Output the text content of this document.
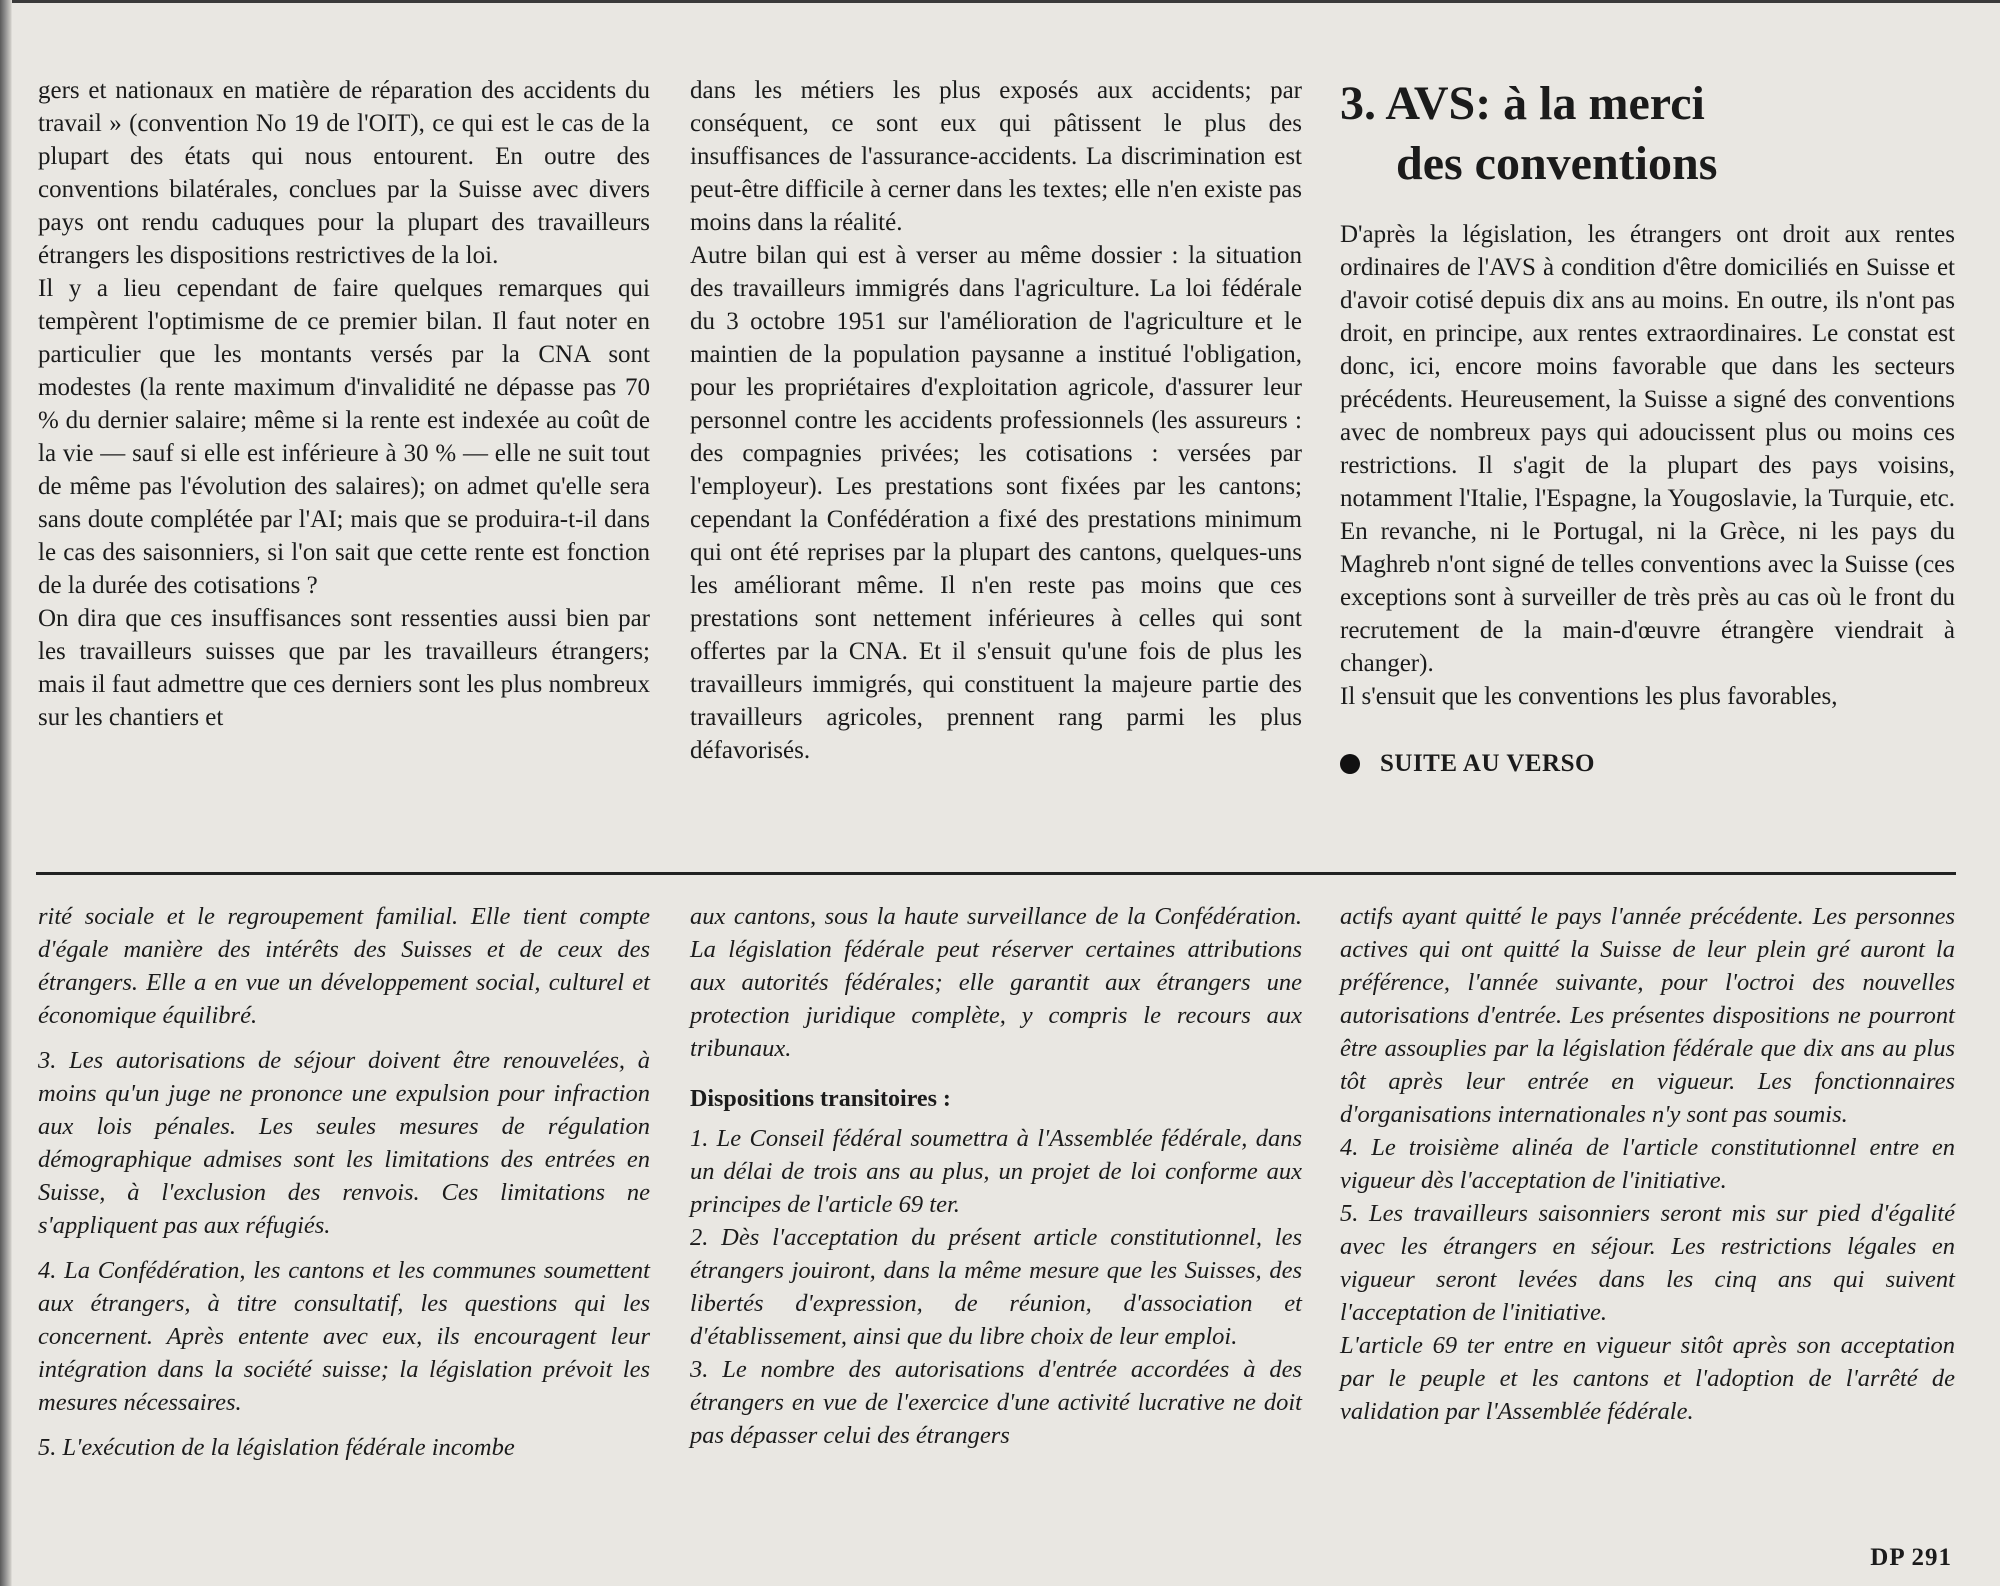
gers et nationaux en matière de réparation des accidents du travail » (convention No 19 de l'OIT), ce qui est le cas de la plupart des états qui nous entourent. En outre des conventions bilatérales, conclues par la Suisse avec divers pays ont rendu caduques pour la plupart des travailleurs étrangers les dispositions restrictives de la loi.

Il y a lieu cependant de faire quelques remarques qui tempèrent l'optimisme de ce premier bilan. Il faut noter en particulier que les montants versés par la CNA sont modestes (la rente maximum d'invalidité ne dépasse pas 70 % du dernier salaire; même si la rente est indexée au coût de la vie — sauf si elle est inférieure à 30 % — elle ne suit tout de même pas l'évolution des salaires); on admet qu'elle sera sans doute complétée par l'AI; mais que se produira-t-il dans le cas des saisonniers, si l'on sait que cette rente est fonction de la durée des cotisations ?

On dira que ces insuffisances sont ressenties aussi bien par les travailleurs suisses que par les travailleurs étrangers; mais il faut admettre que ces derniers sont les plus nombreux sur les chantiers et

dans les métiers les plus exposés aux accidents; par conséquent, ce sont eux qui pâtissent le plus des insuffisances de l'assurance-accidents. La discrimination est peut-être difficile à cerner dans les textes; elle n'en existe pas moins dans la réalité.

Autre bilan qui est à verser au même dossier : la situation des travailleurs immigrés dans l'agriculture. La loi fédérale du 3 octobre 1951 sur l'amélioration de l'agriculture et le maintien de la population paysanne a institué l'obligation, pour les propriétaires d'exploitation agricole, d'assurer leur personnel contre les accidents professionnels (les assureurs : des compagnies privées; les cotisations : versées par l'employeur). Les prestations sont fixées par les cantons; cependant la Confédération a fixé des prestations minimum qui ont été reprises par la plupart des cantons, quelques-uns les améliorant même. Il n'en reste pas moins que ces prestations sont nettement inférieures à celles qui sont offertes par la CNA. Et il s'ensuit qu'une fois de plus les travailleurs immigrés, qui constituent la majeure partie des travailleurs agricoles, prennent rang parmi les plus défavorisés.

3. AVS: à la merci
des conventions

D'après la législation, les étrangers ont droit aux rentes ordinaires de l'AVS à condition d'être domiciliés en Suisse et d'avoir cotisé depuis dix ans au moins. En outre, ils n'ont pas droit, en principe, aux rentes extraordinaires. Le constat est donc, ici, encore moins favorable que dans les secteurs précédents. Heureusement, la Suisse a signé des conventions avec de nombreux pays qui adoucissent plus ou moins ces restrictions. Il s'agit de la plupart des pays voisins, notamment l'Italie, l'Espagne, la Yougoslavie, la Turquie, etc. En revanche, ni le Portugal, ni la Grèce, ni les pays du Maghreb n'ont signé de telles conventions avec la Suisse (ces exceptions sont à surveiller de très près au cas où le front du recrutement de la main-d'œuvre étrangère viendrait à changer).

Il s'ensuit que les conventions les plus favorables,

SUITE AU VERSO

rité sociale et le regroupement familial. Elle tient compte d'égale manière des intérêts des Suisses et de ceux des étrangers. Elle a en vue un développement social, culturel et économique équilibré.

3. Les autorisations de séjour doivent être renouvelées, à moins qu'un juge ne prononce une expulsion pour infraction aux lois pénales. Les seules mesures de régulation démographique admises sont les limitations des entrées en Suisse, à l'exclusion des renvois. Ces limitations ne s'appliquent pas aux réfugiés.

4. La Confédération, les cantons et les communes soumettent aux étrangers, à titre consultatif, les questions qui les concernent. Après entente avec eux, ils encouragent leur intégration dans la société suisse; la législation prévoit les mesures nécessaires.

5. L'exécution de la législation fédérale incombe

aux cantons, sous la haute surveillance de la Confédération. La législation fédérale peut réserver certaines attributions aux autorités fédérales; elle garantit aux étrangers une protection juridique complète, y compris le recours aux tribunaux.

Dispositions transitoires :

1. Le Conseil fédéral soumettra à l'Assemblée fédérale, dans un délai de trois ans au plus, un projet de loi conforme aux principes de l'article 69 ter.

2. Dès l'acceptation du présent article constitutionnel, les étrangers jouiront, dans la même mesure que les Suisses, des libertés d'expression, de réunion, d'association et d'établissement, ainsi que du libre choix de leur emploi.

3. Le nombre des autorisations d'entrée accordées à des étrangers en vue de l'exercice d'une activité lucrative ne doit pas dépasser celui des étrangers

actifs ayant quitté le pays l'année précédente. Les personnes actives qui ont quitté la Suisse de leur plein gré auront la préférence, l'année suivante, pour l'octroi des nouvelles autorisations d'entrée. Les présentes dispositions ne pourront être assouplies par la législation fédérale que dix ans au plus tôt après leur entrée en vigueur. Les fonctionnaires d'organisations internationales n'y sont pas soumis.

4. Le troisième alinéa de l'article constitutionnel entre en vigueur dès l'acceptation de l'initiative.

5. Les travailleurs saisonniers seront mis sur pied d'égalité avec les étrangers en séjour. Les restrictions légales en vigueur seront levées dans les cinq ans qui suivent l'acceptation de l'initiative.

L'article 69 ter entre en vigueur sitôt après son acceptation par le peuple et les cantons et l'adoption de l'arrêté de validation par l'Assemblée fédérale.

DP 291
